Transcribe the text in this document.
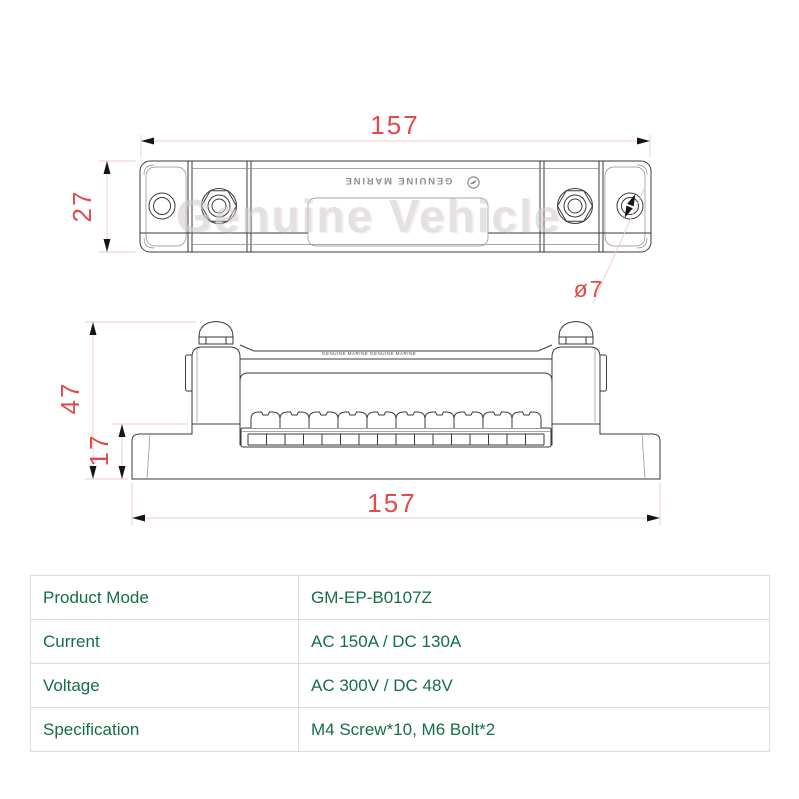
157
27
ø7
47
17
157
GENUINE MARINE
GENUINE MARINE GENUINE MARINE
Genuine Vehicle
Product Mode	GM-EP-B0107Z
Current	AC 150A / DC 130A
Voltage	AC 300V / DC 48V
Specification	M4 Screw*10, M6 Bolt*2
